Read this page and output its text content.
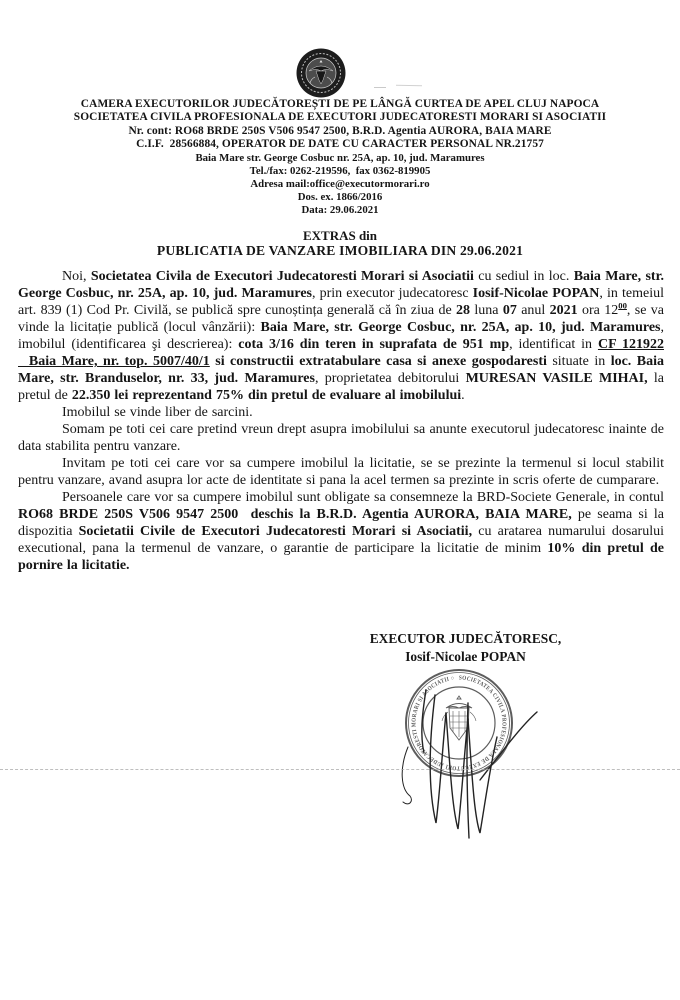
CAMERA EXECUTORILOR JUDECĂTOREȘTI DE PE LÂNGĂ CURTEA DE APEL CLUJ NAPOCA
SOCIETATEA CIVILA PROFESIONALA DE EXECUTORI JUDECATORESTI MORARI SI ASOCIATII
Nr. cont: RO68 BRDE 250S V506 9547 2500, B.R.D. Agentia AURORA, BAIA MARE
C.I.F.  28566884, OPERATOR DE DATE CU CARACTER PERSONAL NR.21757
Baia Mare str. George Cosbuc nr. 25A, ap. 10, jud. Maramures
Tel./fax: 0262-219596,  fax 0362-819905
Adresa mail:office@executormorari.ro
Dos. ex. 1866/2016
Data: 29.06.2021
EXTRAS din
PUBLICATIA DE VANZARE IMOBILIARA DIN 29.06.2021

Noi, Societatea Civila de Executori Judecatoresti Morari si Asociatii cu sediul in loc. Baia Mare, str. George Cosbuc, nr. 25A, ap. 10, jud. Maramures, prin executor judecatoresc Iosif-Nicolae POPAN, in temeiul art. 839 (1) Cod Pr. Civilă, se publică spre cunoștința generală că în ziua de 28 luna 07 anul 2021 ora $12^{00}$, se va vinde la licitație publică (locul vânzării): Baia Mare, str. George Cosbuc, nr. 25A, ap. 10, jud. Maramures, imobilul (identificarea şi descrierea): cota 3/16 din teren in suprafata de 951 mp, identificat in CF 121922   Baia Mare, nr. top. 5007/40/1 si constructii extratabulare casa si anexe gospodaresti situate in loc. Baia Mare, str. Branduselor, nr. 33, jud. Maramures, proprietatea debitorului MURESAN VASILE MIHAI, la pretul de 22.350 lei reprezentand 75% din pretul de evaluare al imobilului.

Imobilul se vinde liber de sarcini.

Somam pe toti cei care pretind vreun drept asupra imobilului sa anunte executorul judecatoresc inainte de data stabilita pentru vanzare.

Invitam pe toti cei care vor sa cumpere imobilul la licitatie, se se prezinte la termenul si locul stabilit pentru vanzare, avand asupra lor acte de identitate si pana la acel termen sa prezinte in scris oferte de cumparare.

Persoanele care vor sa cumpere imobilul sunt obligate sa consemneze la BRD-Societe Generale, in contul RO68 BRDE 250S V506 9547 2500  deschis la B.R.D. Agentia AURORA, BAIA MARE, pe seama si la dispozitia Societatii Civile de Executori Judecatoresti Morari si Asociatii, cu aratarea numarului dosarului executional, pana la termenul de vanzare, o garantie de participare la licitatie de minim 10% din pretul de pornire la licitatie.

EXECUTOR JUDECĂTORESC,
Iosif-Nicolae POPAN
SOCIETATEA CIVILA PROFESIONALA DE EXECUTORI JUDECATORESTI MORARI SI ASOCIATII ○
